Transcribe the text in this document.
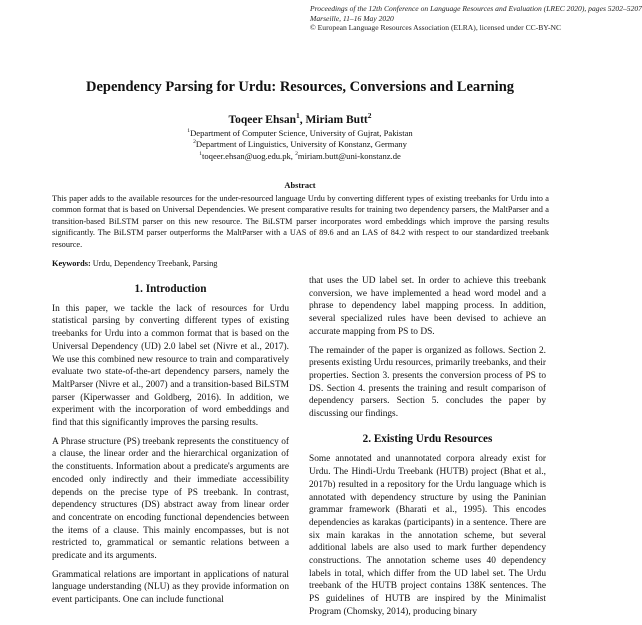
Proceedings of the 12th Conference on Language Resources and Evaluation (LREC 2020), pages 5202–5207
Marseille, 11–16 May 2020
© European Language Resources Association (ELRA), licensed under CC-BY-NC
Dependency Parsing for Urdu: Resources, Conversions and Learning
Toqeer Ehsan$^1$, Miriam Butt$^2$
$^1$Department of Computer Science, University of Gujrat, Pakistan
$^2$Department of Linguistics, University of Konstanz, Germany
$^1$toqeer.ehsan@uog.edu.pk, $^2$miriam.butt@uni-konstanz.de
Abstract
This paper adds to the available resources for the under-resourced language Urdu by converting different types of existing treebanks for Urdu into a common format that is based on Universal Dependencies. We present comparative results for training two dependency parsers, the MaltParser and a transition-based BiLSTM parser on this new resource. The BiLSTM parser incorporates word embeddings which improve the parsing results significantly. The BiLSTM parser outperforms the MaltParser with a UAS of 89.6 and an LAS of 84.2 with respect to our standardized treebank resource.
Keywords: Urdu, Dependency Treebank, Parsing
1. Introduction

In this paper, we tackle the lack of resources for Urdu statistical parsing by converting different types of existing treebanks for Urdu into a common format that is based on the Universal Dependency (UD) 2.0 label set (Nivre et al., 2017). We use this combined new resource to train and comparatively evaluate two state-of-the-art dependency parsers, namely the MaltParser (Nivre et al., 2007) and a transition-based BiLSTM parser (Kiperwasser and Goldberg, 2016). In addition, we experiment with the incorporation of word embeddings and find that this significantly improves the parsing results.

A Phrase structure (PS) treebank represents the constituency of a clause, the linear order and the hierarchical organization of the constituents. Information about a predicate's arguments are encoded only indirectly and their immediate accessibility depends on the precise type of PS treebank. In contrast, dependency structures (DS) abstract away from linear order and concentrate on encoding functional dependencies between the items of a clause. This mainly encompasses, but is not restricted to, grammatical or semantic relations between a predicate and its arguments.

Grammatical relations are important in applications of natural language understanding (NLU) as they provide information on event participants. One can include functional

that uses the UD label set. In order to achieve this treebank conversion, we have implemented a head word model and a phrase to dependency label mapping process. In addition, several specialized rules have been devised to achieve an accurate mapping from PS to DS.

The remainder of the paper is organized as follows. Section 2. presents existing Urdu resources, primarily treebanks, and their properties. Section 3. presents the conversion process of PS to DS. Section 4. presents the training and result comparison of dependency parsers. Section 5. concludes the paper by discussing our findings.

2. Existing Urdu Resources

Some annotated and unannotated corpora already exist for Urdu. The Hindi-Urdu Treebank (HUTB) project (Bhat et al., 2017b) resulted in a repository for the Urdu language which is annotated with dependency structure by using the Paninian grammar framework (Bharati et al., 1995). This encodes dependencies as karakas (participants) in a sentence. There are six main karakas in the annotation scheme, but several additional labels are also used to mark further dependency constructions. The annotation scheme uses 40 dependency labels in total, which differ from the UD label set. The Urdu treebank of the HUTB project contains 138K sentences. The PS guidelines of HUTB are inspired by the Minimalist Program (Chomsky, 2014), producing binary
